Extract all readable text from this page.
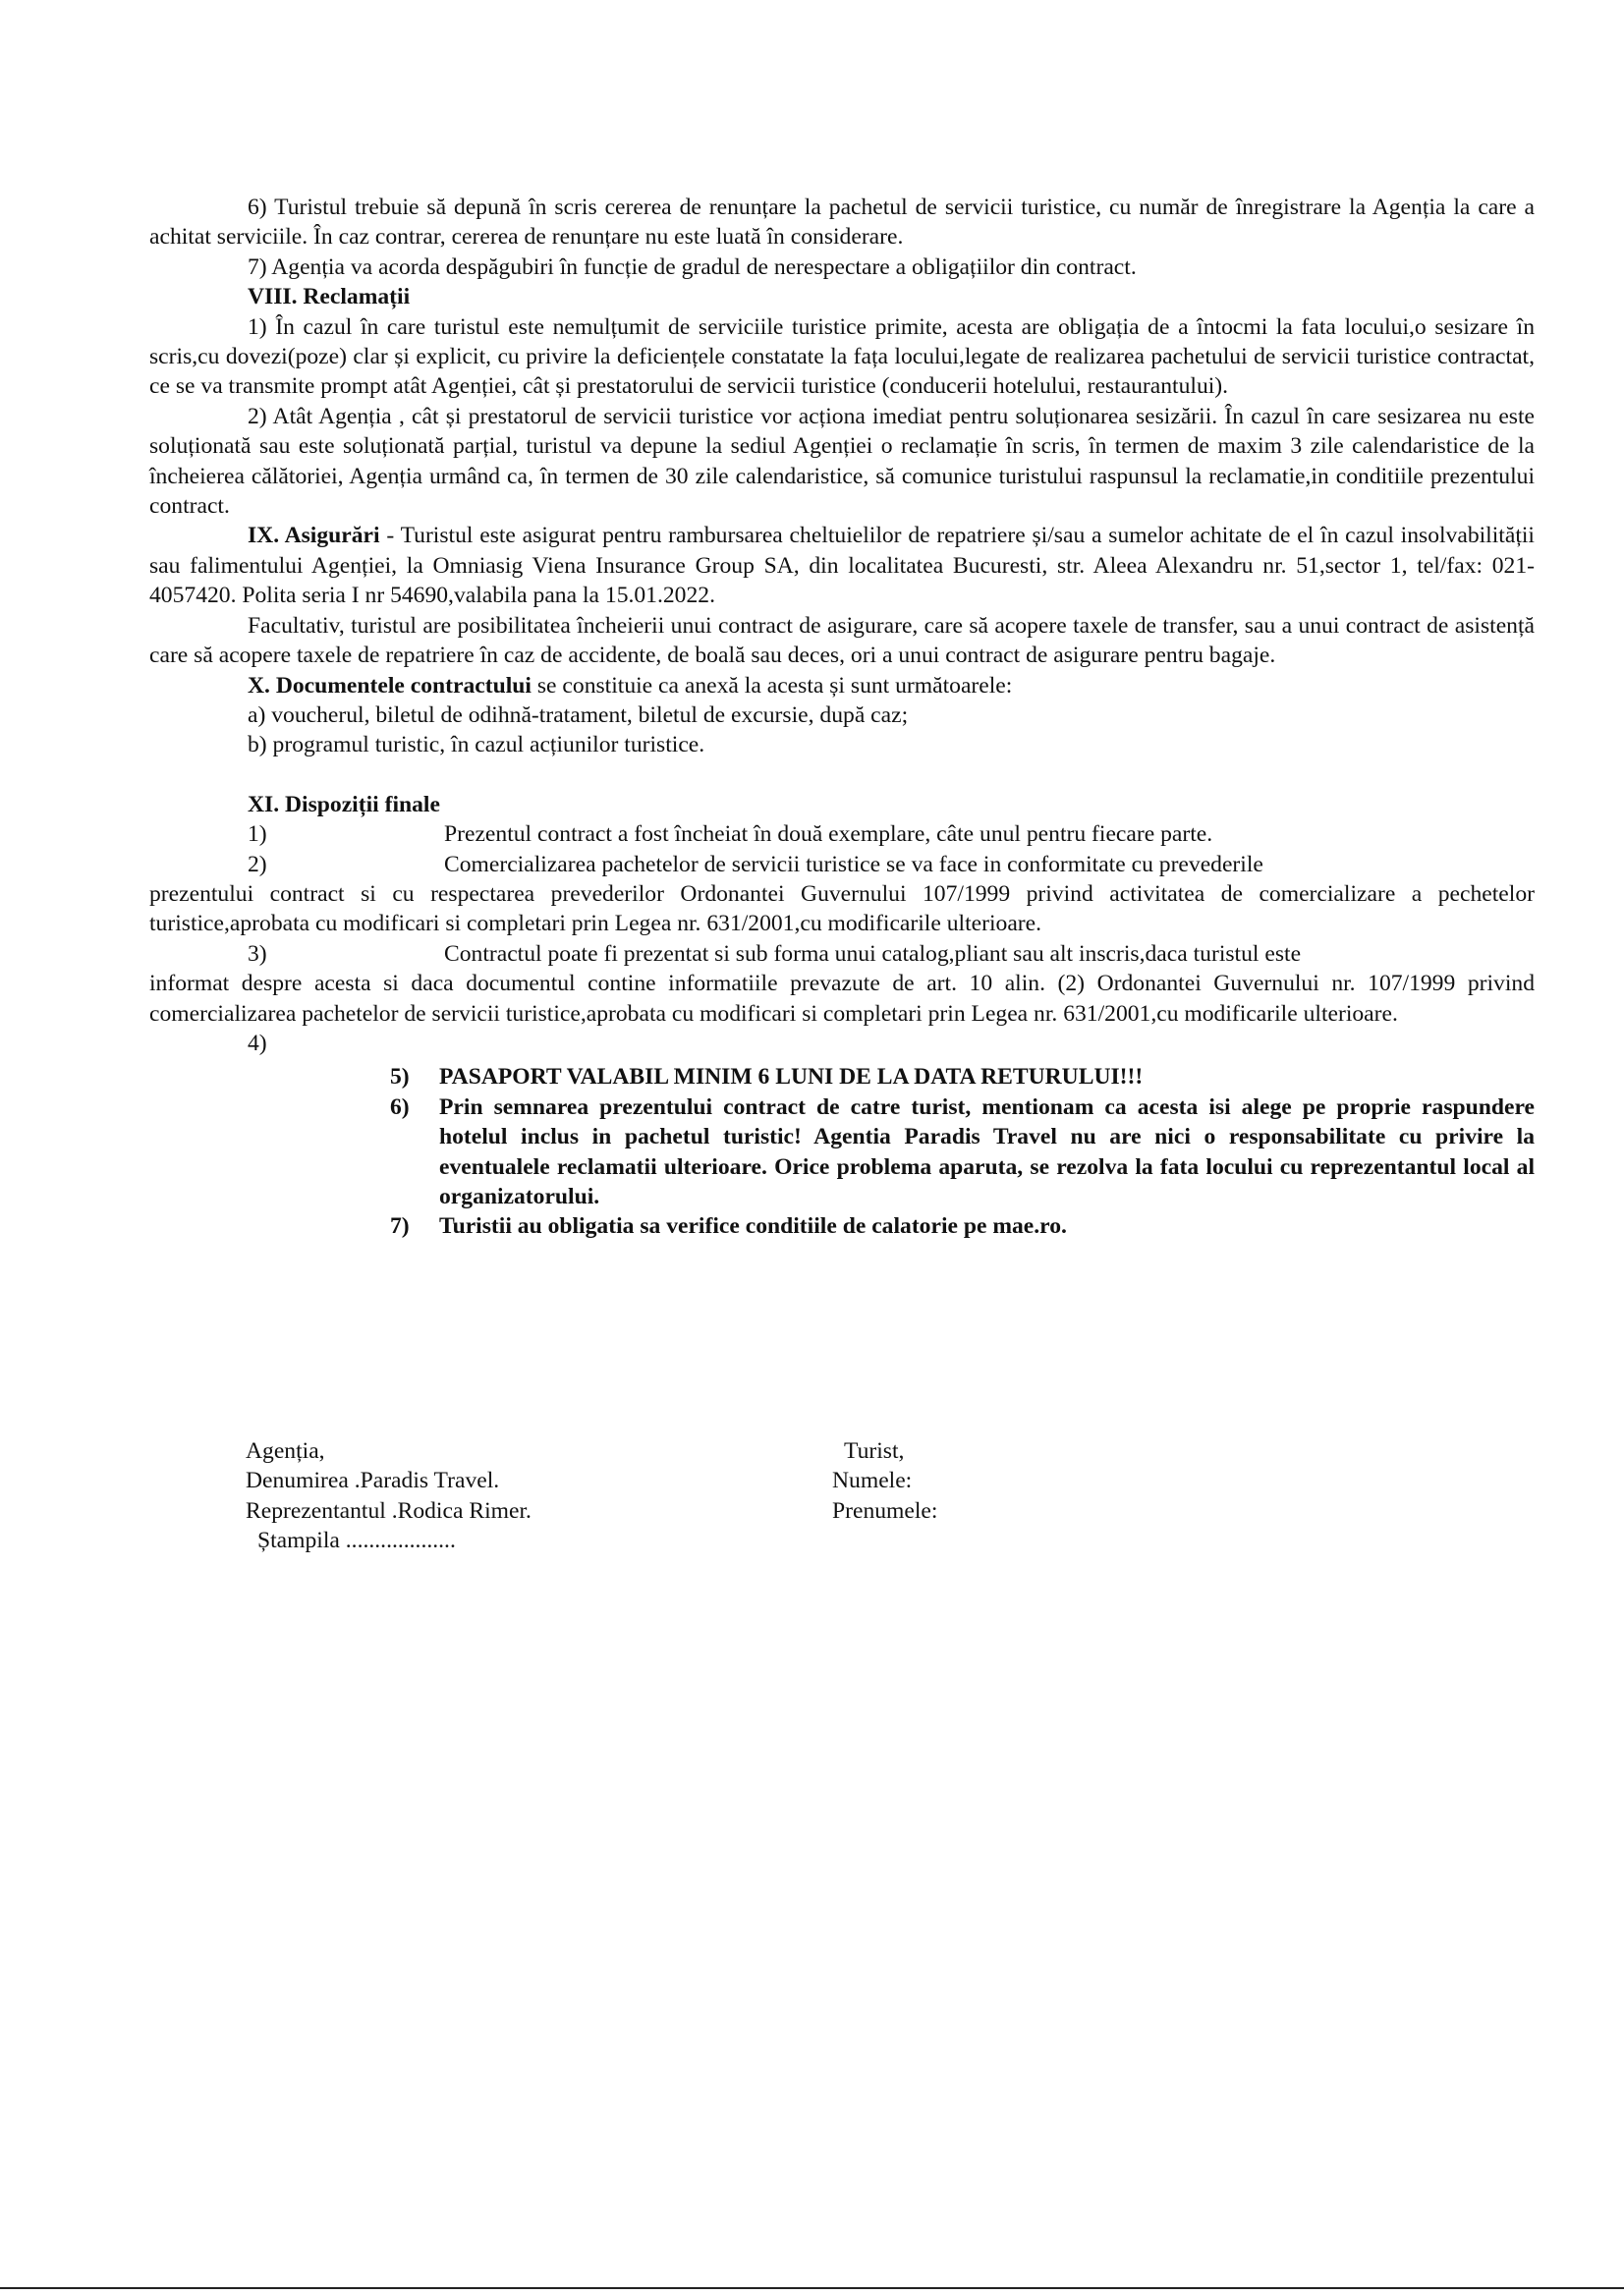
6) Turistul trebuie să depună în scris cererea de renunțare la pachetul de servicii turistice, cu număr de înregistrare la Agenția la care a achitat serviciile. În caz contrar, cererea de renunțare nu este luată în considerare.

7) Agenția va acorda despăgubiri în funcție de gradul de nerespectare a obligațiilor din contract.

VIII. Reclamații

1) În cazul în care turistul este nemulțumit de serviciile turistice primite, acesta are obligația de a întocmi la fata locului,o sesizare în scris,cu dovezi(poze) clar și explicit, cu privire la deficiențele constatate la fața locului,legate de realizarea pachetului de servicii turistice contractat, ce se va transmite prompt atât Agenției, cât și prestatorului de servicii turistice (conducerii hotelului, restaurantului).

2) Atât Agenția , cât și prestatorul de servicii turistice vor acționa imediat pentru soluționarea sesizării. În cazul în care sesizarea nu este soluționată sau este soluționată parțial, turistul va depune la sediul Agenției o reclamație în scris, în termen de maxim 3 zile calendaristice de la încheierea călătoriei, Agenția urmând ca, în termen de 30 zile calendaristice, să comunice turistului raspunsul la reclamatie,in conditiile prezentului contract.

IX. Asigurări - Turistul este asigurat pentru rambursarea cheltuielilor de repatriere și/sau a sumelor achitate de el în cazul insolvabilității sau falimentului Agenției, la Omniasig Viena Insurance Group SA, din localitatea Bucuresti, str. Aleea Alexandru nr. 51,sector 1, tel/fax: 021-4057420. Polita seria I nr 54690,valabila pana la 15.01.2022.

Facultativ, turistul are posibilitatea încheierii unui contract de asigurare, care să acopere taxele de transfer, sau a unui contract de asistență care să acopere taxele de repatriere în caz de accidente, de boală sau deces, ori a unui contract de asigurare pentru bagaje.

X. Documentele contractului se constituie ca anexă la acesta și sunt următoarele:

a) voucherul, biletul de odihnă-tratament, biletul de excursie, după caz;

b) programul turistic, în cazul acțiunilor turistice.

XI. Dispoziții finale

1)	Prezentul contract a fost încheiat în două exemplare, câte unul pentru fiecare parte.
2)	Comercializarea pachetelor de servicii turistice se va face in conformitate cu prevederile

prezentului contract si cu respectarea prevederilor Ordonantei Guvernului 107/1999 privind activitatea de comercializare a pechetelor turistice,aprobata cu modificari si completari prin Legea nr. 631/2001,cu modificarile ulterioare.

3)	Contractul poate fi prezentat si sub forma unui catalog,pliant sau alt inscris,daca turistul este

informat despre acesta si daca documentul contine informatiile prevazute de art. 10 alin. (2) Ordonantei Guvernului nr. 107/1999 privind comercializarea pachetelor de servicii turistice,aprobata cu modificari si completari prin Legea nr. 631/2001,cu modificarile ulterioare.

4)
5)	PASAPORT VALABIL MINIM 6 LUNI DE LA DATA RETURULUI!!!
6)	Prin semnarea prezentului contract de catre turist, mentionam ca acesta isi alege pe proprie raspundere hotelul inclus in pachetul turistic! Agentia Paradis Travel nu are nici o responsabilitate cu privire la eventualele reclamatii ulterioare. Orice problema aparuta, se rezolva la fata locului cu reprezentantul local al organizatorului.
7)	Turistii au obligatia sa verifice conditiile de calatorie pe mae.ro.
Agenția,
Denumirea .Paradis Travel.
Reprezentantul .Rodica Rimer.
Ștampila ...................
Turist,
Numele:
Prenumele:
